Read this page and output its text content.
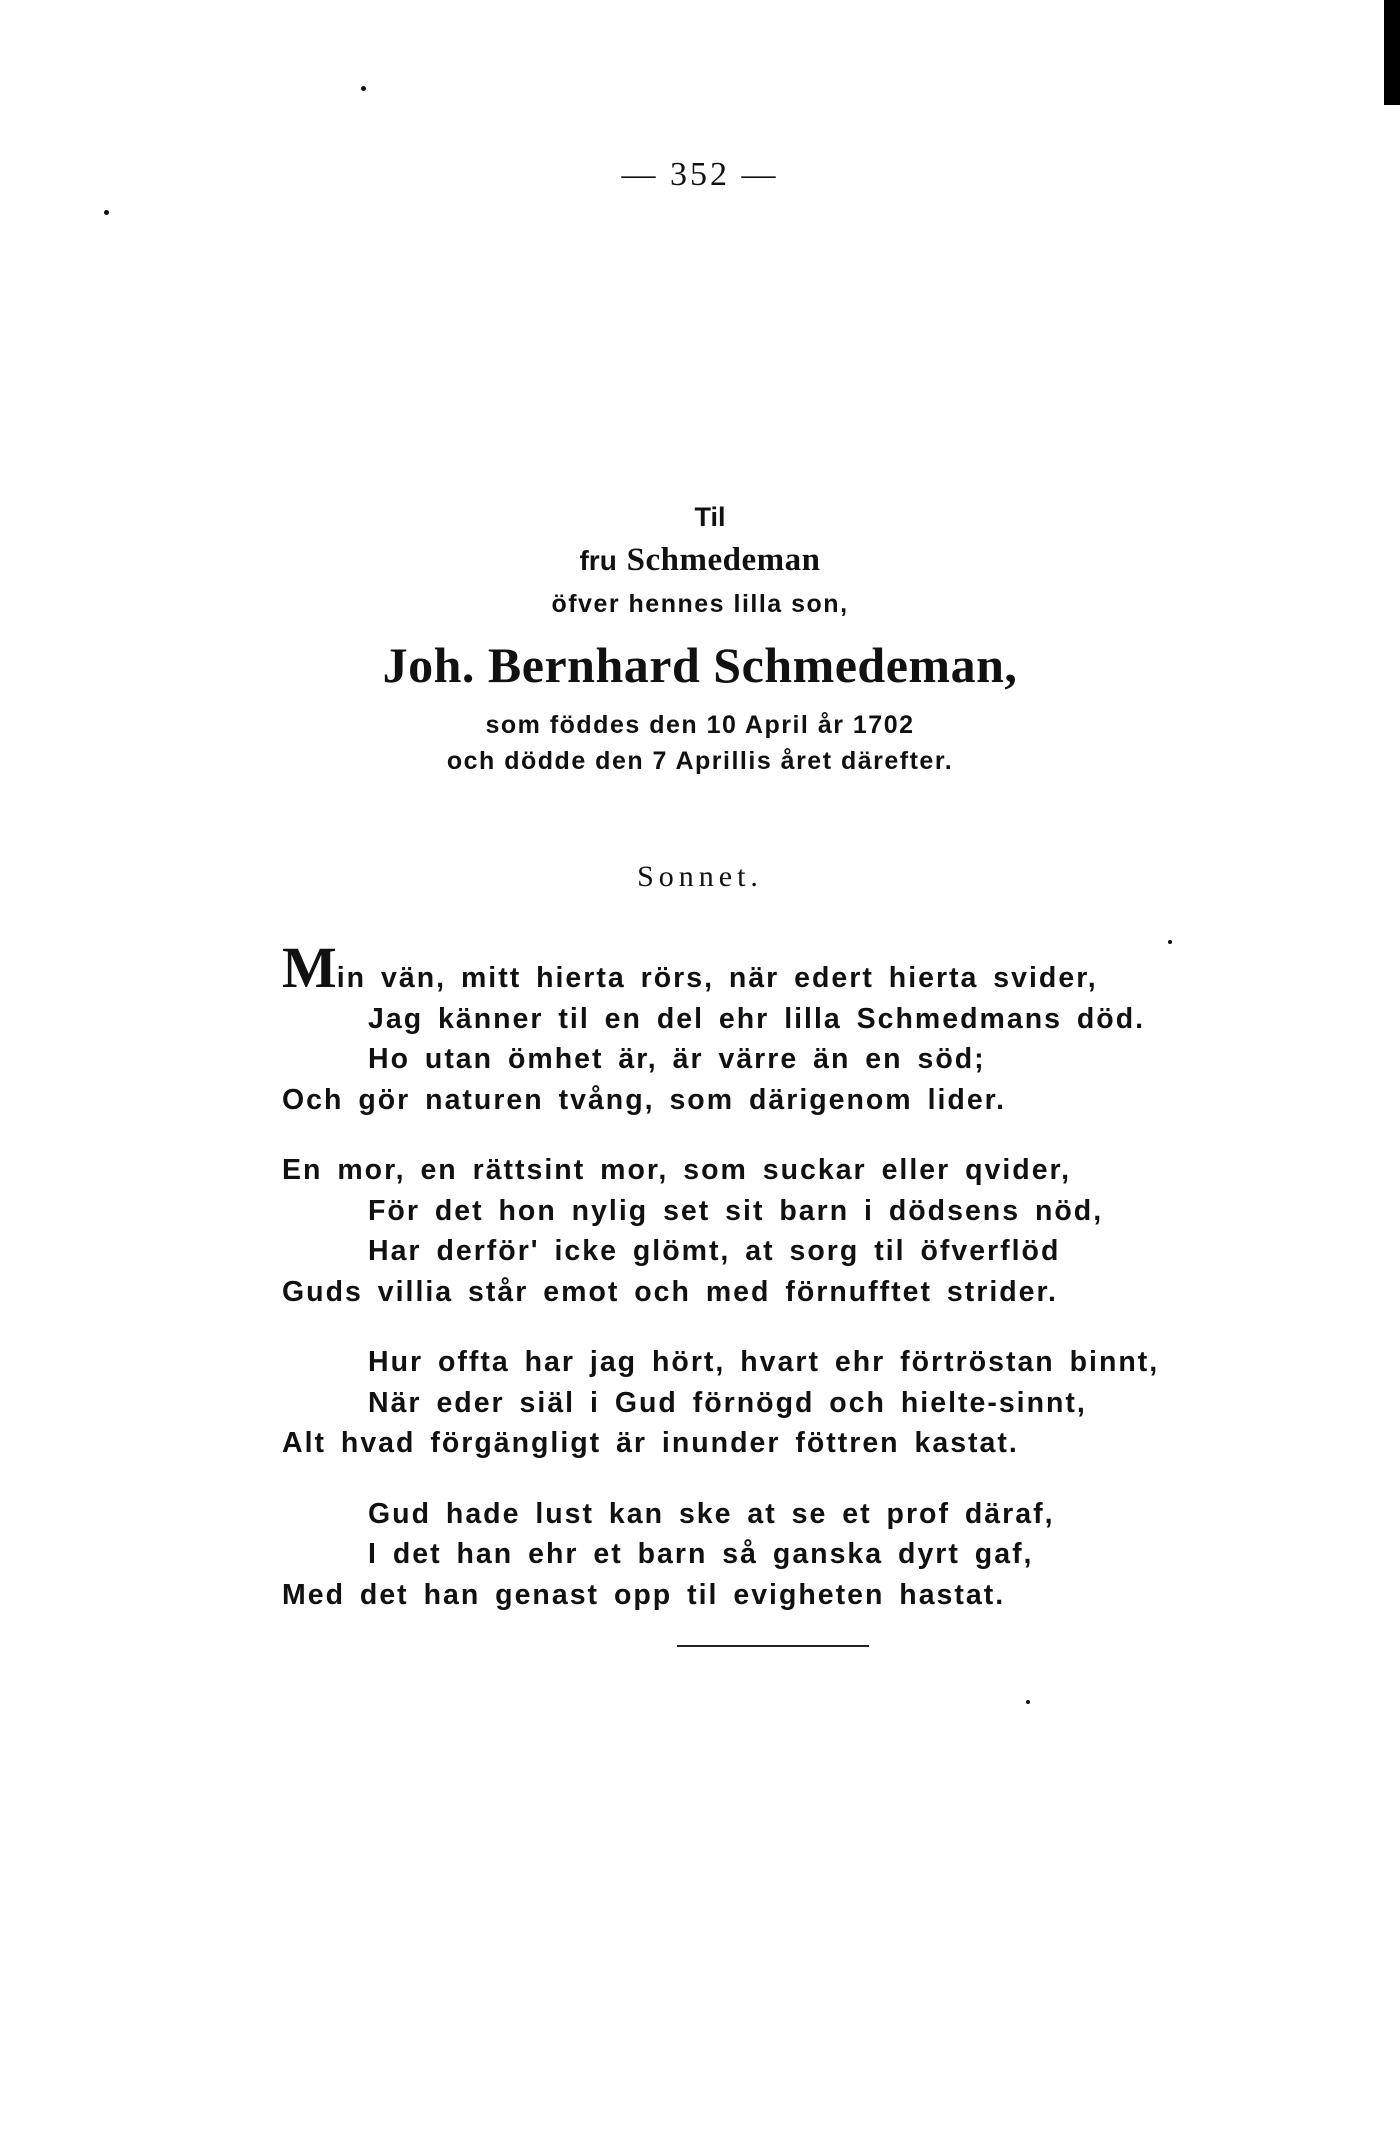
— 352 —
Til
fru Schmedeman
öfver hennes lilla son,
Joh. Bernhard Schmedeman,
som föddes den 10 April år 1702
och dödde den 7 Aprillis året därefter.
Sonnet.
Min vän, mitt hierta rörs, när edert hierta svider,
Jag känner til en del ehr lilla Schmedmans död.
Ho utan ömhet är, är värre än en söd;
Och gör naturen tvång, som därigenom lider.
En mor, en rättsint mor, som suckar eller qvider,
För det hon nylig set sit barn i dödsens nöd,
Har derför' icke glömt, at sorg til öfverflöd
Guds villia står emot och med förnufftet strider.
Hur offta har jag hört, hvart ehr förtröstan binnt,
När eder siäl i Gud förnögd och hielte-sinnt,
Alt hvad förgängligt är inunder föttren kastat.
Gud hade lust kan ske at se et prof däraf,
I det han ehr et barn så ganska dyrt gaf,
Med det han genast opp til evigheten hastat.
